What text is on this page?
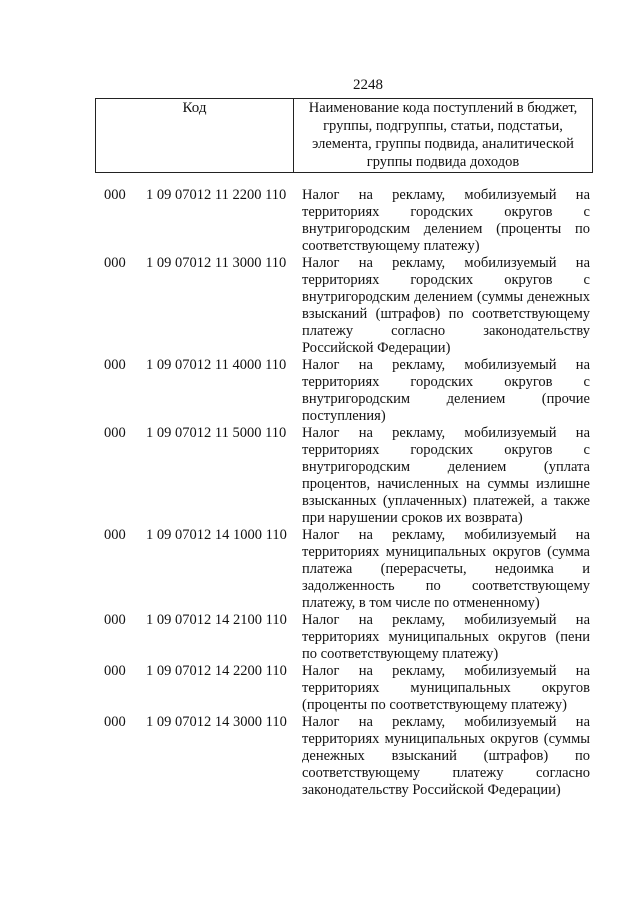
2248
Код	Наименование кода поступлений в бюджет, группы, подгруппы, статьи, подстатьи, элемента, группы подвида, аналитической группы подвида доходов
000 1 09 07012 11 2200 110 Налог на рекламу, мобилизуемый на территориях городских округов с внутригородским делением (проценты по соответствующему платежу)
000 1 09 07012 11 3000 110 Налог на рекламу, мобилизуемый на территориях городских округов с внутригородским делением (суммы денежных взысканий (штрафов) по соответствующему платежу согласно законодательству Российской Федерации)
000 1 09 07012 11 4000 110 Налог на рекламу, мобилизуемый на территориях городских округов с внутригородским делением (прочие поступления)
000 1 09 07012 11 5000 110 Налог на рекламу, мобилизуемый на территориях городских округов с внутригородским делением (уплата процентов, начисленных на суммы излишне взысканных (уплаченных) платежей, а также при нарушении сроков их возврата)
000 1 09 07012 14 1000 110 Налог на рекламу, мобилизуемый на территориях муниципальных округов (сумма платежа (перерасчеты, недоимка и задолженность по соответствующему платежу, в том числе по отмененному)
000 1 09 07012 14 2100 110 Налог на рекламу, мобилизуемый на территориях муниципальных округов (пени по соответствующему платежу)
000 1 09 07012 14 2200 110 Налог на рекламу, мобилизуемый на территориях муниципальных округов (проценты по соответствующему платежу)
000 1 09 07012 14 3000 110 Налог на рекламу, мобилизуемый на территориях муниципальных округов (суммы денежных взысканий (штрафов) по соответствующему платежу согласно законодательству Российской Федерации)
